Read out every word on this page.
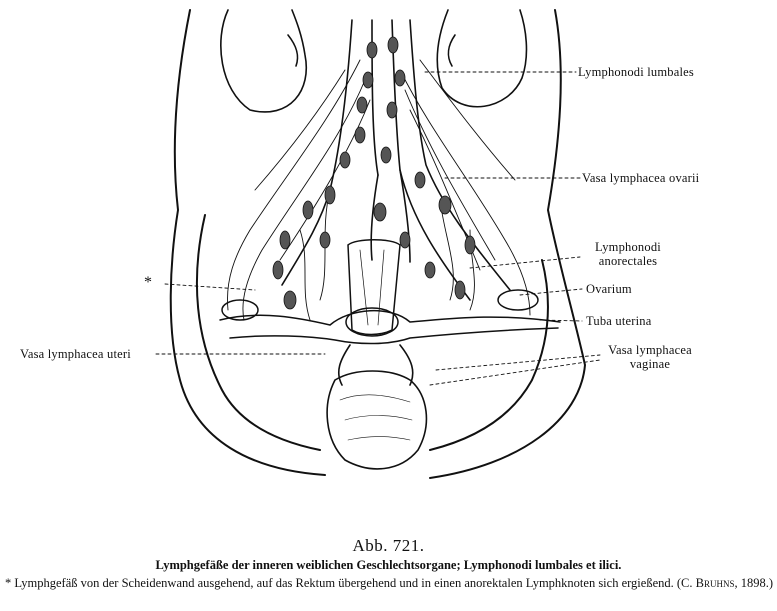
*
Lymphonodi lumbales
Vasa lymphacea ovarii
Lymphonodi
anorectales
Ovarium
Tuba uterina
Vasa lymphacea
vaginae
Vasa lymphacea uteri
Abb. 721.
Lymphgefäße der inneren weiblichen Geschlechtsorgane; Lymphonodi lumbales et ilici.
* Lymphgefäß von der Scheidenwand ausgehend, auf das Rektum übergehend und in einen anorektalen Lymphknoten sich ergießend. (C. Bruhns, 1898.)
